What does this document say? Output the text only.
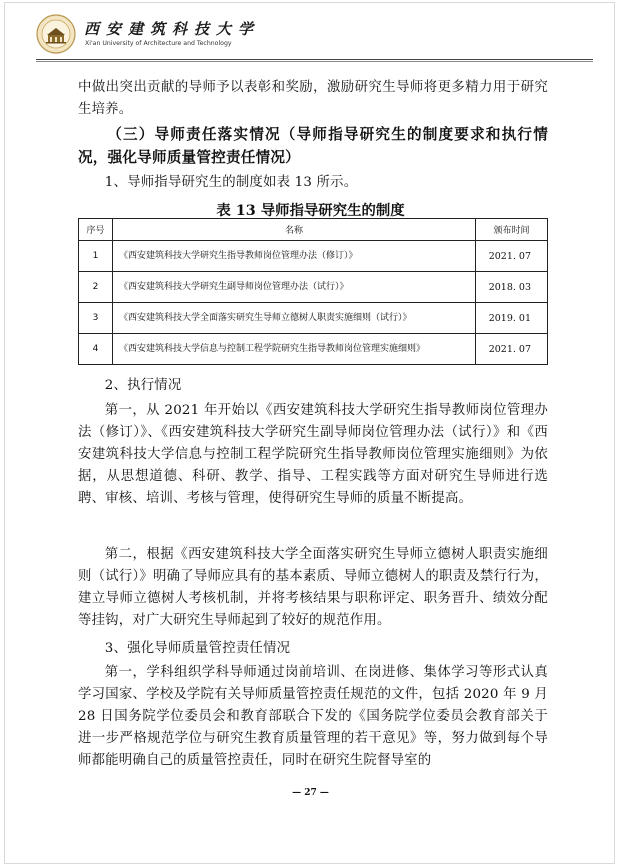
西安建筑科技大学
Xi'an University of Architecture and Technology
中做出突出贡献的导师予以表彰和奖励，激励研究生导师将更多精力用于研究生培养。
（三）导师责任落实情况（导师指导研究生的制度要求和执行情况，强化导师质量管控责任情况）
1、导师指导研究生的制度如表 13 所示。
表 13 导师指导研究生的制度
序号	名称	颁布时间
1	《西安建筑科技大学研究生指导教师岗位管理办法（修订）》	2021. 07
2	《西安建筑科技大学研究生副导师岗位管理办法（试行）》	2018. 03
3	《西安建筑科技大学全面落实研究生导师立德树人职责实施细则（试行）》	2019. 01
4	《西安建筑科技大学信息与控制工程学院研究生指导教师岗位管理实施细则》	2021. 07
2、执行情况
第一，从 2021 年开始以《西安建筑科技大学研究生指导教师岗位管理办法（修订）》、《西安建筑科技大学研究生副导师岗位管理办法（试行）》和《西安建筑科技大学信息与控制工程学院研究生指导教师岗位管理实施细则》为依据，从思想道德、科研、教学、指导、工程实践等方面对研究生导师进行选聘、审核、培训、考核与管理，使得研究生导师的质量不断提高。
第二，根据《西安建筑科技大学全面落实研究生导师立德树人职责实施细则（试行）》明确了导师应具有的基本素质、导师立德树人的职责及禁行行为，建立导师立德树人考核机制，并将考核结果与职称评定、职务晋升、绩效分配等挂钩，对广大研究生导师起到了较好的规范作用。
3、强化导师质量管控责任情况
第一，学科组织学科导师通过岗前培训、在岗进修、集体学习等形式认真学习国家、学校及学院有关导师质量管控责任规范的文件，包括 2020 年 9 月 28 日国务院学位委员会和教育部联合下发的《国务院学位委员会教育部关于进一步严格规范学位与研究生教育质量管理的若干意见》等，努力做到每个导师都能明确自己的质量管控责任，同时在研究生院督导室的
— 27 —
